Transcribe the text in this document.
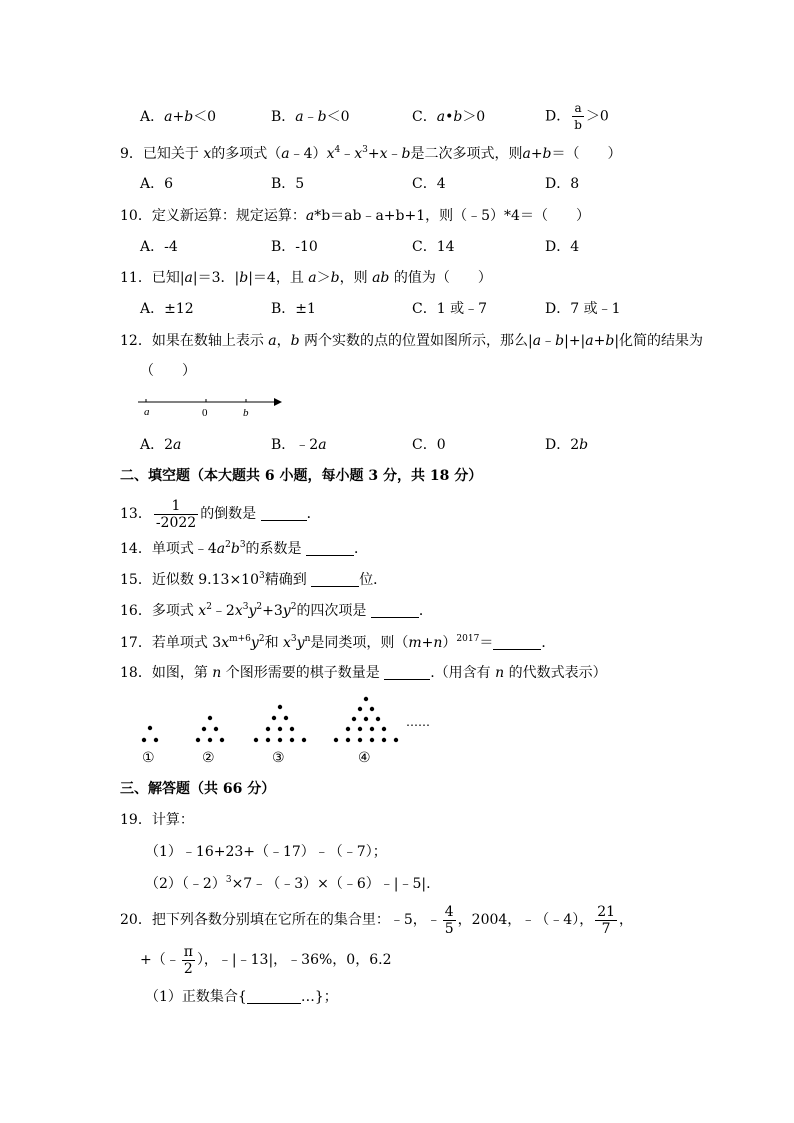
A．a+b＜0	B．a﹣b＜0	C．a•b＞0	D． $\frac{a}{b} >0$
9．已知关于 x的多项式$(a﹣4)x^4﹣x^3+x﹣b$是二次多项式，则a+b＝（　　）
A．6	B．5	C．4	D．8
10．定义新运算：规定运算：a*b＝ab﹣a+b+1，则（﹣5）*4＝（　　）
A．-4	B．-10	C．14	D．4
11．已知|a|＝3．|b|＝4，且 a＞b，则 ab 的值为（　　）
A．±12	B．±1	C．1 或﹣7	D．7 或﹣1
12．如果在数轴上表示 a，b 两个实数的点的位置如图所示，那么|a﹣b|+|a+b|化简的结果为
（　　）
a	0	b
A．2a	B．﹣2a	C．0	D．2b
二、填空题（本大题共 6 小题，每小题 3 分，共 18 分）
13． $\frac{1}{-2022}$ 的倒数是	．
14．单项式$﹣4a^2b^3$的系数是	．
15．近似数 $9.13\times 10^3$精确到	位．
16．多项式 $x^2﹣2x^3y^2+3y^2$的四次项是	．
17．若单项式 $3x^{m+6}y^2$和 $x^3y^n$是同类项，则$(m+n)^{2017}=$	．
18．如图，第 n 个图形需要的棋子数量是	.（用含有 n 的代数式表示）
①	②	③	④
……
三、解答题（共 66 分）
19．计算：
（1）﹣16+23+（﹣17）﹣（﹣7）；
（2）（﹣2）$^3$×7﹣（﹣3）×（﹣6）﹣|﹣5|.
20．把下列各数分别填在它所在的集合里：﹣5，﹣ $\frac{4}{5}$ ，2004，﹣（﹣4）， $\frac{21}{7}$ ，
+（﹣ $\frac{\pi}{2}$ ），﹣|﹣13|，﹣36%，0，6.2
（1）正数集合{	…}；
